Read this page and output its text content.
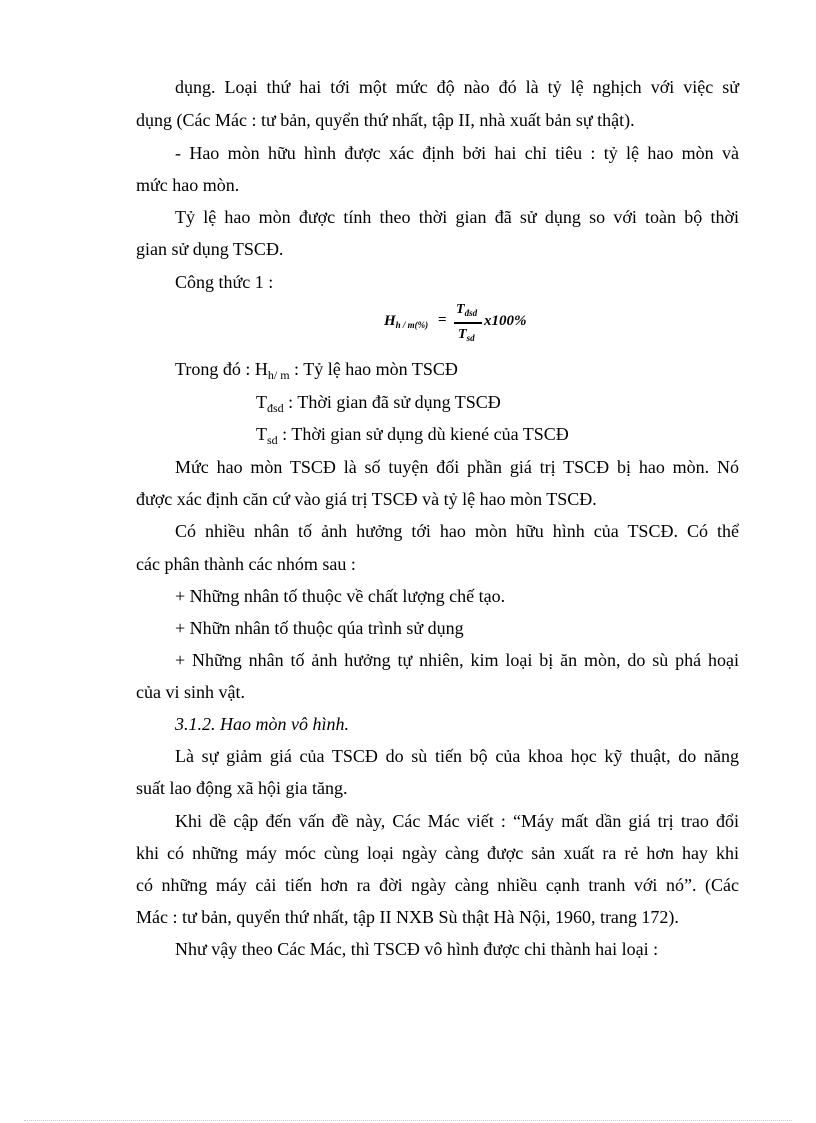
dụng. Loại thứ hai tới một mức độ nào đó là tỷ lệ nghịch với việc sử
dụng (Các Mác : tư bản, quyển thứ nhất, tập II, nhà xuất bản sự thật).
- Hao mòn hữu hình được xác định bởi hai chỉ tiêu : tỷ lệ hao mòn và
mức hao mòn.
Tỷ lệ hao mòn được tính theo thời gian đã sử dụng so với toàn bộ thời
gian sử dụng TSCĐ.
Công thức 1 :
$H_{h / m(\%)}$ =
$T_{đsd}$
$T_{sd}$
x100%
Trong đó : $H_{h/ m}$ : Tỷ lệ hao mòn TSCĐ
$T_{đsd}$ : Thời gian đã sử dụng TSCĐ
$T_{sd}$ : Thời gian sử dụng dù kiené của TSCĐ
Mức hao mòn TSCĐ là số tuyện đối phần giá trị TSCĐ bị hao mòn. Nó
được xác định căn cứ vào giá trị TSCĐ và tỷ lệ hao mòn TSCĐ.
Có nhiều nhân tố ảnh hưởng tới hao mòn hữu hình của TSCĐ. Có thể
các phân thành các nhóm sau :
+ Những nhân tố thuộc về chất lượng chế tạo.
+ Nhữn nhân tố thuộc qúa trình sử dụng
+ Những nhân tố ảnh hưởng tự nhiên, kim loại bị ăn mòn, do sù phá hoại
của vi sinh vật.
3.1.2. Hao mòn vô hình.
Là sự giảm giá của TSCĐ do sù tiến bộ của khoa học kỹ thuật, do năng
suất lao động xã hội gia tăng.
Khi dề cập đến vấn đề này, Các Mác viết : “Máy mất dần giá trị trao đổi
khi có những máy móc cùng loại ngày càng được sản xuất ra rẻ hơn hay khi
có những máy cải tiến hơn ra đời ngày càng nhiều cạnh tranh với nó”. (Các
Mác : tư bản, quyển thứ nhất, tập II NXB Sù thật Hà Nội, 1960, trang 172).
Như vậy theo Các Mác, thì TSCĐ vô hình được chi thành hai loại :
